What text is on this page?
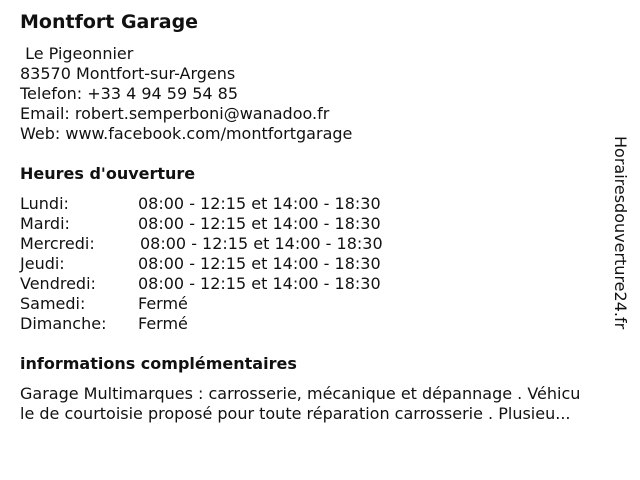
Montfort Garage
Le Pigeonnier
83570 Montfort-sur-Argens
Telefon: +33 4 94 59 54 85
Email: robert.semperboni@wanadoo.fr
Web: www.facebook.com/montfortgarage
Heures d'ouverture
Lundi:	08:00 - 12:15 et 14:00 - 18:30
Mardi:	08:00 - 12:15 et 14:00 - 18:30
Mercredi:	08:00 - 12:15 et 14:00 - 18:30
Jeudi:	08:00 - 12:15 et 14:00 - 18:30
Vendredi:	08:00 - 12:15 et 14:00 - 18:30
Samedi:	Fermé
Dimanche:	Fermé
informations complémentaires
Garage Multimarques : carrosserie, mécanique et dépannage . Véhicu
le de courtoisie proposé pour toute réparation carrosserie . Plusieu...
Horairesdouverture24.fr
